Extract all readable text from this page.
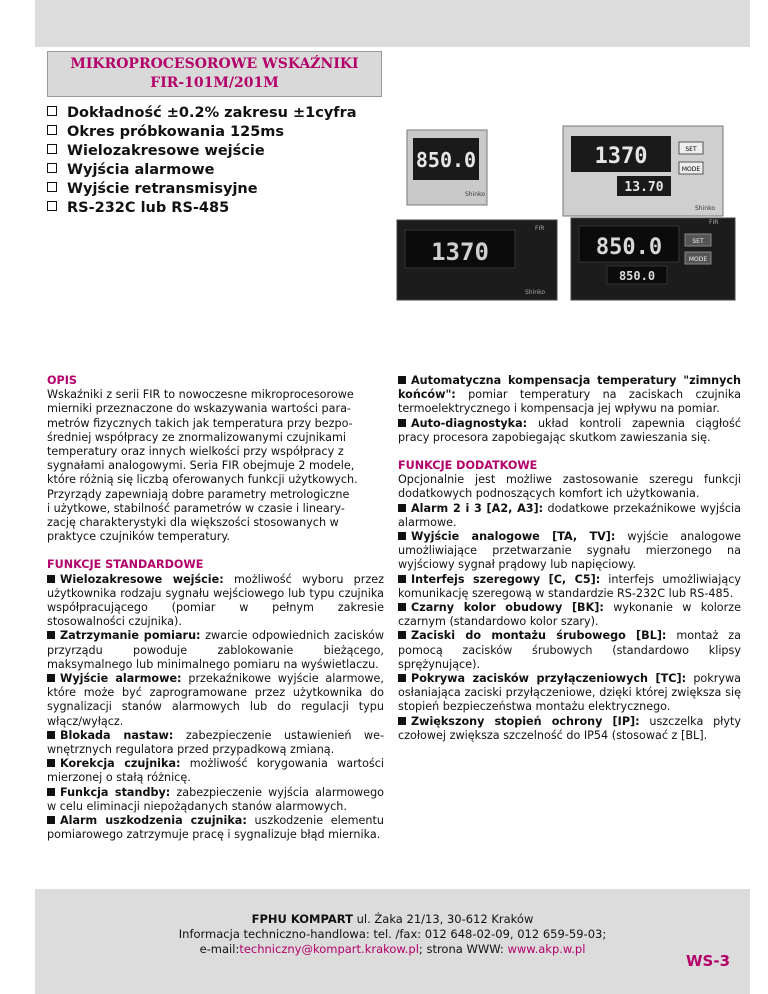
MIKROPROCESOROWE WSKAŹNIKI
FIR-101M/201M
Dokładność ±0.2% zakresu ±1cyfra
Okres próbkowania 125ms
Wielozakresowe wejście
Wyjścia alarmowe
Wyjście retransmisyjne
RS-232C lub RS-485
850.0
Shinko
1370
13.70
SET
MODE
Shinko
1370
FIR
Shinko
850.0
850.0
SET
MODE
FIR
OPIS
Wskaźniki z serii FIR to nowoczesne mikroprocesorowe
mierniki przeznaczone do wskazywania wartości para-
metrów fizycznych takich jak temperatura przy bezpo-
średniej współpracy ze znormalizowanymi czujnikami
temperatury oraz innych wielkości przy współpracy z
sygnałami analogowymi. Seria FIR obejmuje 2 modele,
które różnią się liczbą oferowanych funkcji użytkowych.
Przyrządy zapewniają dobre parametry metrologiczne
i użytkowe, stabilność parametrów w czasie i lineary-
zację charakterystyki dla większości stosowanych w
praktyce czujników temperatury.
FUNKCJE STANDARDOWE

Wielozakresowe wejście: możliwość wyboru przez użytkownika rodzaju sygnału wejściowego lub typu czujnika współpracującego (pomiar w pełnym zakresie stosowalności czujnika).

Zatrzymanie pomiaru: zwarcie odpowiednich zacisków przyrządu powoduje zablokowanie bieżącego, maksymalnego lub minimalnego pomiaru na wyświetlaczu.

Wyjście alarmowe: przekaźnikowe wyjście alarmowe, które może być zaprogramowane przez użytkownika do sygnalizacji stanów alarmowych lub do regulacji typu włącz/wyłącz.

Blokada nastaw: zabezpieczenie ustawienień wewnętrznych regulatora przed przypadkową zmianą.

Korekcja czujnika: możliwość korygowania wartości mierzonej o stałą różnicę.

Funkcja standby: zabezpieczenie wyjścia alarmowego w celu eliminacji niepożądanych stanów alarmowych.

Alarm uszkodzenia czujnika: uszkodzenie elementu pomiarowego zatrzymuje pracę i sygnalizuje błąd miernika.

Automatyczna kompensacja temperatury "zimnych końców": pomiar temperatury na zaciskach czujnika termoelektrycznego i kompensacja jej wpływu na pomiar.

Auto-diagnostyka: układ kontroli zapewnia ciągłość pracy procesora zapobiegając skutkom zawieszania się.

FUNKCJE DODATKOWE

Opcjonalnie jest możliwe zastosowanie szeregu funkcji dodatkowych podnoszących komfort ich użytkowania.

Alarm 2 i 3 [A2, A3]: dodatkowe przekaźnikowe wyjścia alarmowe.

Wyjście analogowe [TA, TV]: wyjście analogowe umożliwiające przetwarzanie sygnału mierzonego na wyjściowy sygnał prądowy lub napięciowy.

Interfejs szeregowy [C, C5]: interfejs umożliwiający komunikację szeregową w standardzie RS-232C lub RS-485.

Czarny kolor obudowy [BK]: wykonanie w kolorze czarnym (standardowo kolor szary).

Zaciski do montażu śrubowego [BL]: montaż za pomocą zacisków śrubowych (standardowo klipsy sprężynujące).

Pokrywa zacisków przyłączeniowych [TC]: pokrywa osłaniająca zaciski przyłączeniowe, dzięki której zwiększa się stopień bezpieczeństwa montażu elektrycznego.

Zwiększony stopień ochrony [IP]: uszczelka płyty czołowej zwiększa szczelność do IP54 (stosować z [BL].

FPHU KOMPART ul. Żaka 21/13, 30-612 Kraków
Informacja techniczno-handlowa: tel. /fax: 012 648-02-09, 012 659-59-03;
e-mail:techniczny@kompart.krakow.pl; strona WWW: www.akp.w.pl
WS-3
